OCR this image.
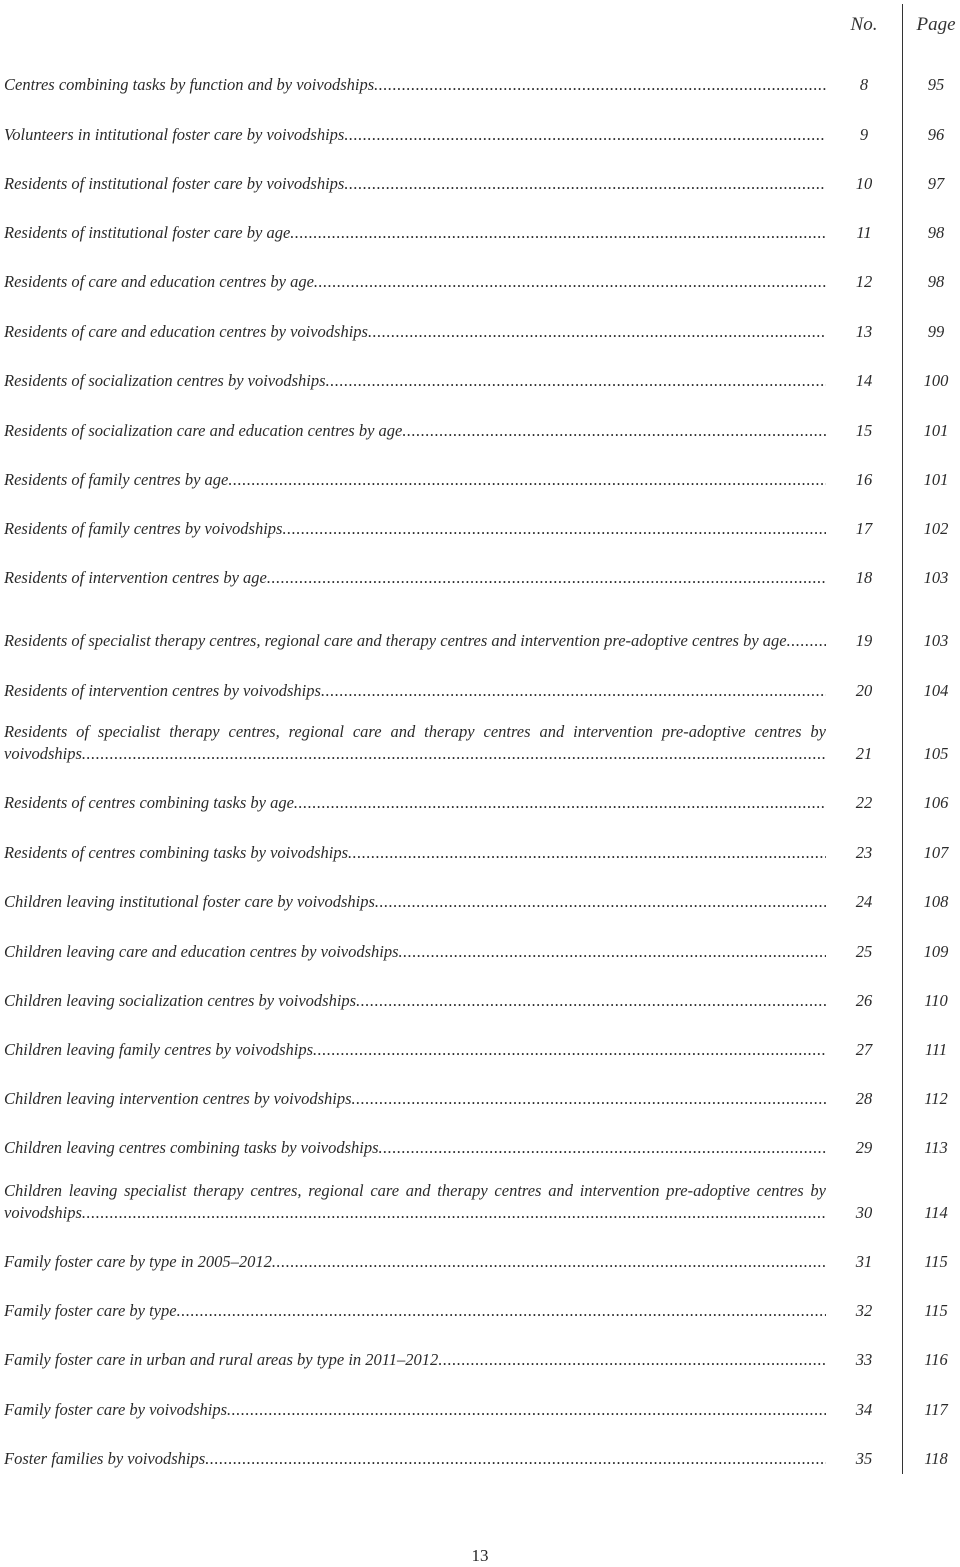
No. Page
Centres combining tasks by function and by voivodships	8	95
Volunteers in intitutional foster care by voivodships	9	96
Residents of institutional foster care by voivodships	10	97
Residents of institutional foster care by age	11	98
Residents of care and education centres by age	12	98
Residents of care and education centres by voivodships	13	99
Residents of socialization centres by voivodships	14	100
Residents of socialization care and education centres by age	15	101
Residents of family centres by age	16	101
Residents of family centres by voivodships	17	102
Residents of intervention centres by age	18	103
Residents of specialist therapy centres, regional care and therapy centres and intervention pre-adoptive centres by age	19	103
Residents of intervention centres by voivodships	20	104
Residents of specialist therapy centres, regional care and therapy centres and intervention pre-adoptive centres by voivodships	21	105
Residents of centres combining tasks by age	22	106
Residents of centres combining tasks by voivodships	23	107
Children leaving institutional foster care by voivodships	24	108
Children leaving care and education centres by voivodships	25	109
Children leaving socialization centres by voivodships	26	110
Children leaving family centres by voivodships	27	111
Children leaving intervention centres by voivodships	28	112
Children leaving centres combining tasks by voivodships	29	113
Children leaving specialist therapy centres, regional care and therapy centres and intervention pre-adoptive centres by voivodships	30	114
Family foster care by type in 2005–2012	31	115
Family foster care by type	32	115
Family foster care in urban and rural areas by type in 2011–2012	33	116
Family foster care by voivodships	34	117
Foster families by voivodships	35	118
13
